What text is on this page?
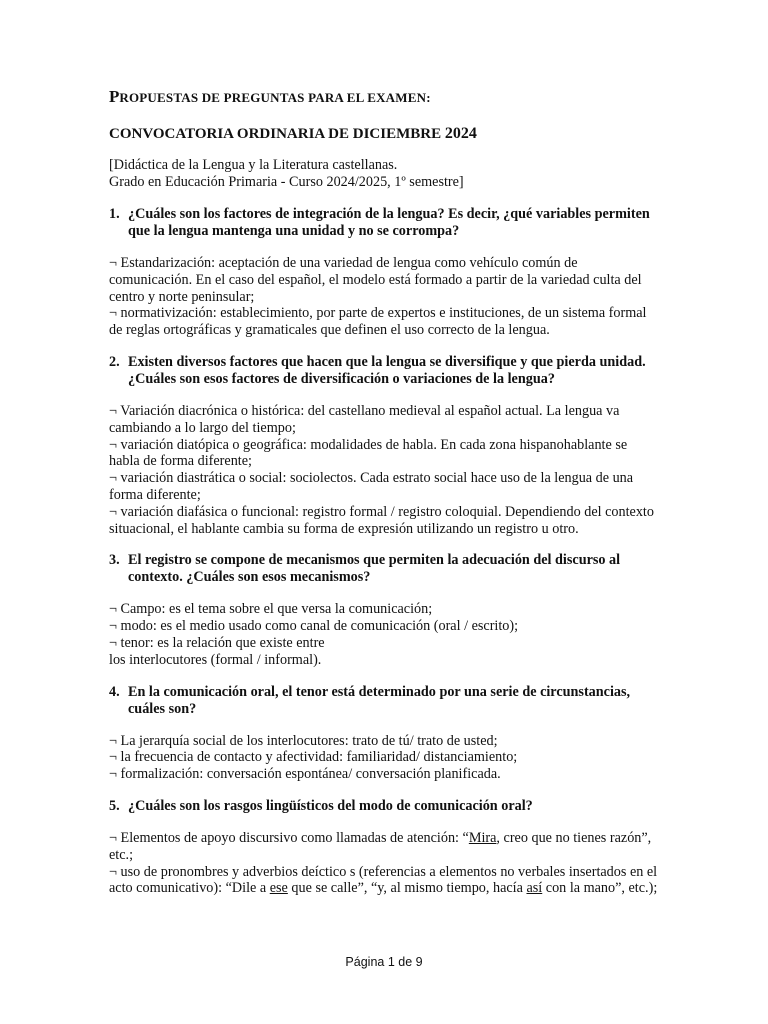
PROPUESTAS DE PREGUNTAS PARA EL EXAMEN:
CONVOCATORIA ORDINARIA DE DICIEMBRE 2024
[Didáctica de la Lengua y la Literatura castellanas.
Grado en Educación Primaria - Curso 2024/2025, 1º semestre]
1. ¿Cuáles son los factores de integración de la lengua? Es decir, ¿qué variables permiten que la lengua mantenga una unidad y no se corrompa?

¬ Estandarización: aceptación de una variedad de lengua como vehículo común de comunicación. En el caso del español, el modelo está formado a partir de la variedad culta del centro y norte peninsular;

¬ normativización: establecimiento, por parte de expertos e instituciones, de un sistema formal de reglas ortográficas y gramaticales que definen el uso correcto de la lengua.

2. Existen diversos factores que hacen que la lengua se diversifique y que pierda unidad. ¿Cuáles son esos factores de diversificación o variaciones de la lengua?

¬ Variación diacrónica o histórica: del castellano medieval al español actual. La lengua va cambiando a lo largo del tiempo;

¬ variación diatópica o geográfica: modalidades de habla. En cada zona hispanohablante se habla de forma diferente;

¬ variación diastrática o social: sociolectos. Cada estrato social hace uso de la lengua de una forma diferente;

¬ variación diafásica o funcional: registro formal / registro coloquial. Dependiendo del contexto situacional, el hablante cambia su forma de expresión utilizando un registro u otro.

3. El registro se compone de mecanismos que permiten la adecuación del discurso al contexto. ¿Cuáles son esos mecanismos?

¬ Campo: es el tema sobre el que versa la comunicación;

¬ modo: es el medio usado como canal de comunicación (oral / escrito);

¬ tenor: es la relación que existe entre

los interlocutores (formal / informal).

4. En la comunicación oral, el tenor está determinado por una serie de circunstancias, cuáles son?

¬ La jerarquía social de los interlocutores: trato de tú/ trato de usted;

¬ la frecuencia de contacto y afectividad: familiaridad/ distanciamiento;

¬ formalización: conversación espontánea/ conversación planificada.

5. ¿Cuáles son los rasgos lingüísticos del modo de comunicación oral?

¬ Elementos de apoyo discursivo como llamadas de atención: “Mira, creo que no tienes razón”, etc.;

¬ uso de pronombres y adverbios deíctico s (referencias a elementos no verbales insertados en el acto comunicativo): “Dile a ese que se calle”, “y, al mismo tiempo, hacía así con la mano”, etc.);

Página 1 de 9
